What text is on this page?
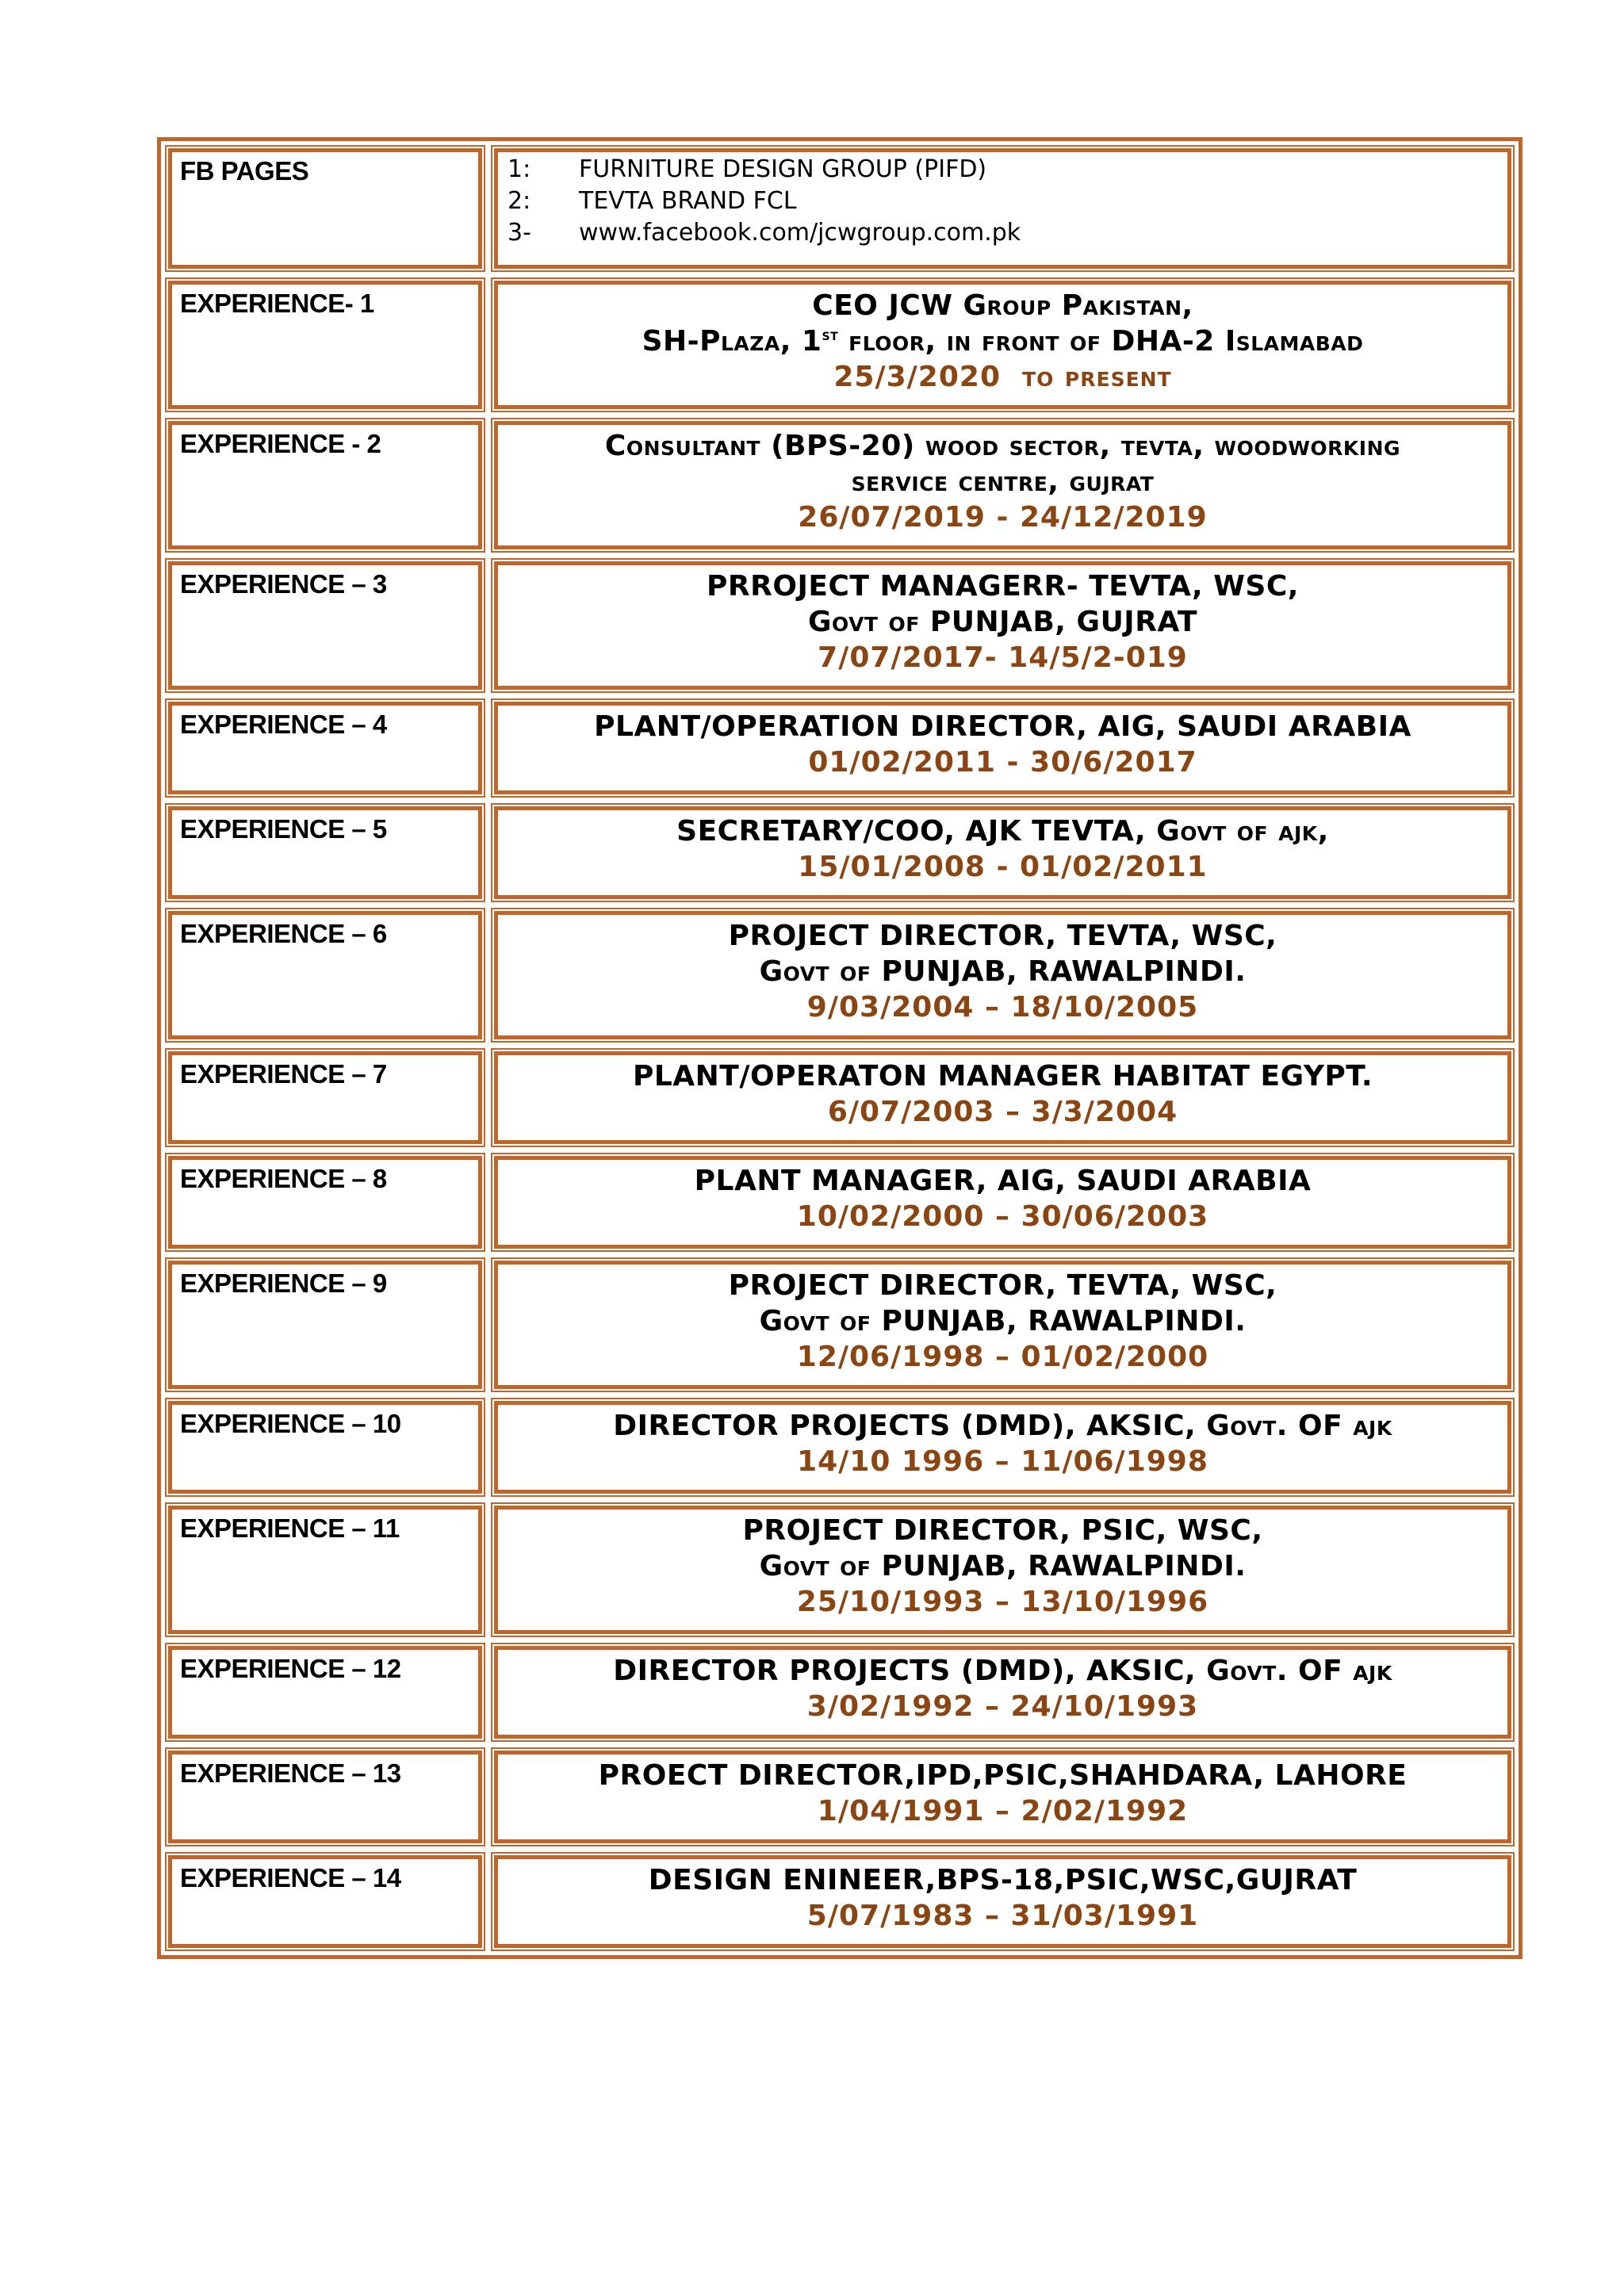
FB PAGES	1:	FURNITURE DESIGN GROUP (PIFD)
2:	TEVTA BRAND FCL
3-	www.facebook.com/jcwgroup.com.pk
EXPERIENCE- 1	CEO JCW Group Pakistan,
SH-Plaza, 1st floor, in front of DHA-2 Islamabad
25/3/2020 to present
EXPERIENCE - 2	Consultant (BPS-20) wood sector, tevta, woodworking
service centre, gujrat
26/07/2019 - 24/12/2019
EXPERIENCE – 3	PRROJECT MANAGERR- TEVTA, WSC,
Govt of PUNJAB, GUJRAT
7/07/2017- 14/5/2-019
EXPERIENCE – 4	PLANT/OPERATION DIRECTOR, AIG, SAUDI ARABIA
01/02/2011 - 30/6/2017
EXPERIENCE – 5	SECRETARY/COO, AJK TEVTA, Govt of ajk,
15/01/2008 - 01/02/2011
EXPERIENCE – 6	PROJECT DIRECTOR, TEVTA, WSC,
Govt of PUNJAB, RAWALPINDI.
9/03/2004 – 18/10/2005
EXPERIENCE – 7	PLANT/OPERATON MANAGER HABITAT EGYPT.
6/07/2003 – 3/3/2004
EXPERIENCE – 8	PLANT MANAGER, AIG, SAUDI ARABIA
10/02/2000 – 30/06/2003
EXPERIENCE – 9	PROJECT DIRECTOR, TEVTA, WSC,
Govt of PUNJAB, RAWALPINDI.
12/06/1998 – 01/02/2000
EXPERIENCE – 10	DIRECTOR PROJECTS (DMD), AKSIC, Govt. OF ajk
14/10 1996 – 11/06/1998
EXPERIENCE – 11	PROJECT DIRECTOR, PSIC, WSC,
Govt of PUNJAB, RAWALPINDI.
25/10/1993 – 13/10/1996
EXPERIENCE – 12	DIRECTOR PROJECTS (DMD), AKSIC, Govt. OF ajk
3/02/1992 – 24/10/1993
EXPERIENCE – 13	PROECT DIRECTOR,IPD,PSIC,SHAHDARA, LAHORE
1/04/1991 – 2/02/1992
EXPERIENCE – 14	DESIGN ENINEER,BPS-18,PSIC,WSC,GUJRAT
5/07/1983 – 31/03/1991
